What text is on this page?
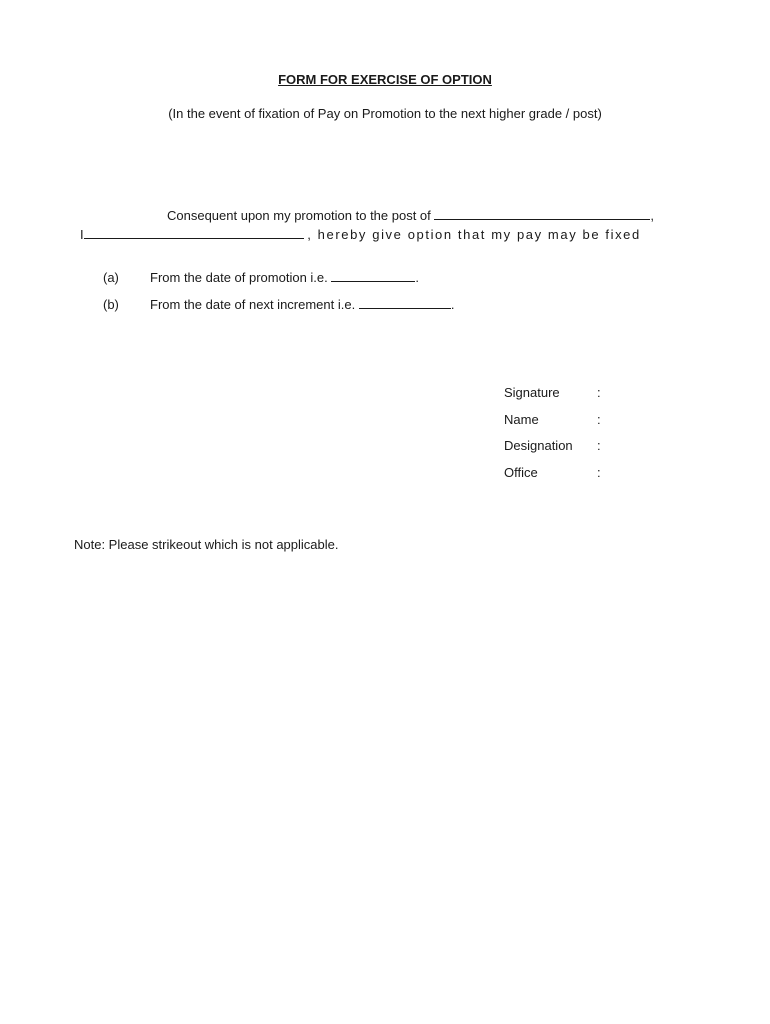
FORM FOR EXERCISE OF OPTION
(In the event of fixation of Pay on Promotion to the next higher grade / post)
Consequent upon my promotion to the post of	,
I	, hereby give option that my pay may be fixed
(a) From the date of promotion i.e.	.
(b) From the date of next increment i.e.	.
Signature	:
Name	:
Designation :
Office	:
Note: Please strikeout which is not applicable.
